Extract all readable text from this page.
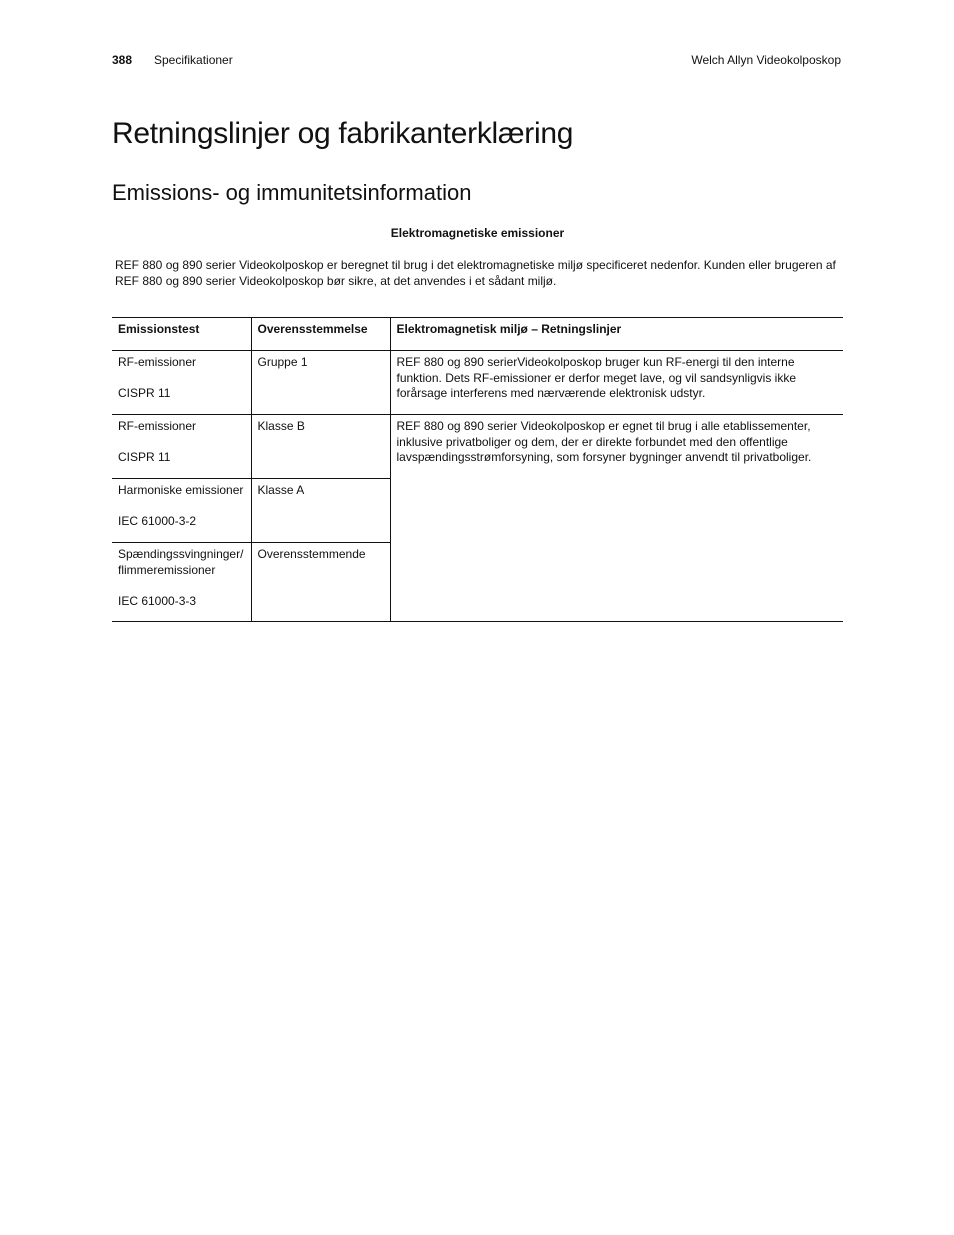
388 Specifikationer	Welch Allyn Videokolposkop
Retningslinjer og fabrikanterklæring
Emissions- og immunitetsinformation
Elektromagnetiske emissioner

REF 880 og 890 serier Videokolposkop er beregnet til brug i det elektromagnetiske miljø specificeret nedenfor. Kunden eller brugeren af REF 880 og 890 serier Videokolposkop bør sikre, at det anvendes i et sådant miljø.

Emissionstest	Overensstemmelse	Elektromagnetisk miljø – Retningslinjer

RF-emissioner
CISPR 11	Gruppe 1	REF 880 og 890 serierVideokolposkop bruger kun RF-energi til den interne funktion. Dets RF-emissioner er derfor meget lave, og vil sandsynligvis ikke forårsage interferens med nærværende elektronisk udstyr.

RF-emissioner
CISPR 11	Klasse B	REF 880 og 890 serier Videokolposkop er egnet til brug i alle etablissementer, inklusive privatboliger og dem, der er direkte forbundet med den offentlige lavspændingsstrømforsyning, som forsyner bygninger anvendt til privatboliger.

Harmoniske emissioner
IEC 61000-3-2	Klasse A	

Spændingssvingninger/ flimmeremissioner
IEC 61000-3-3	Overensstemmende	
